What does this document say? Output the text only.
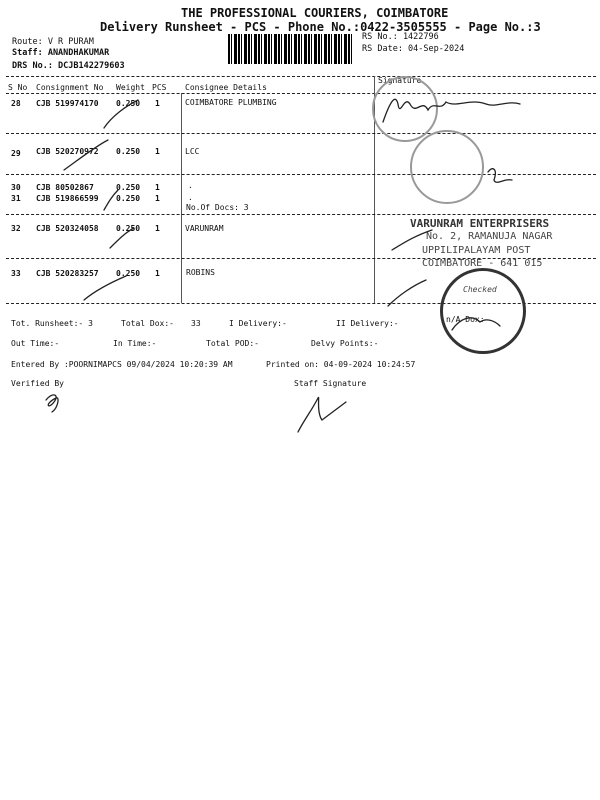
THE PROFESSIONAL COURIERS, COIMBATORE
Delivery Runsheet - PCS - Phone No.:0422-3505555 - Page No.:3
Route: V R PURAM
Staff: ANANDHAKUMAR
DRS No.: DCJB142279603
RS No.: 1422796
RS Date: 04-Sep-2024
S No Consignment No Weight PCS Consignee Details
Signature
28 CJB 519974170 0.250 1	COIMBATORE PLUMBING
29 CJB 520270972 0.250 1	LCC
30 CJB 80502867	0.250 1	.
31 CJB 519866599 0.250 1	.
No.Of Docs: 3
32 CJB 520324058 0.250 1	VARUNRAM
33 CJB 520283257 0.250 1	ROBINS
Checked
n/A Dox:-
VARUNRAM ENTERPRISERS
No. 2, RAMANUJA NAGAR
UPPILIPALAYAM POST
COIMBATORE - 641 015
Tot. Runsheet:- 3	Total Dox:- 33	I Delivery:-	II Delivery:-
Out Time:-	In Time:-	Total POD:-	Delvy Points:-
Entered By :POORNIMAPCS 09/04/2024 10:20:39 AM	Printed on: 04-09-2024 10:24:57
Verified By	Staff Signature
